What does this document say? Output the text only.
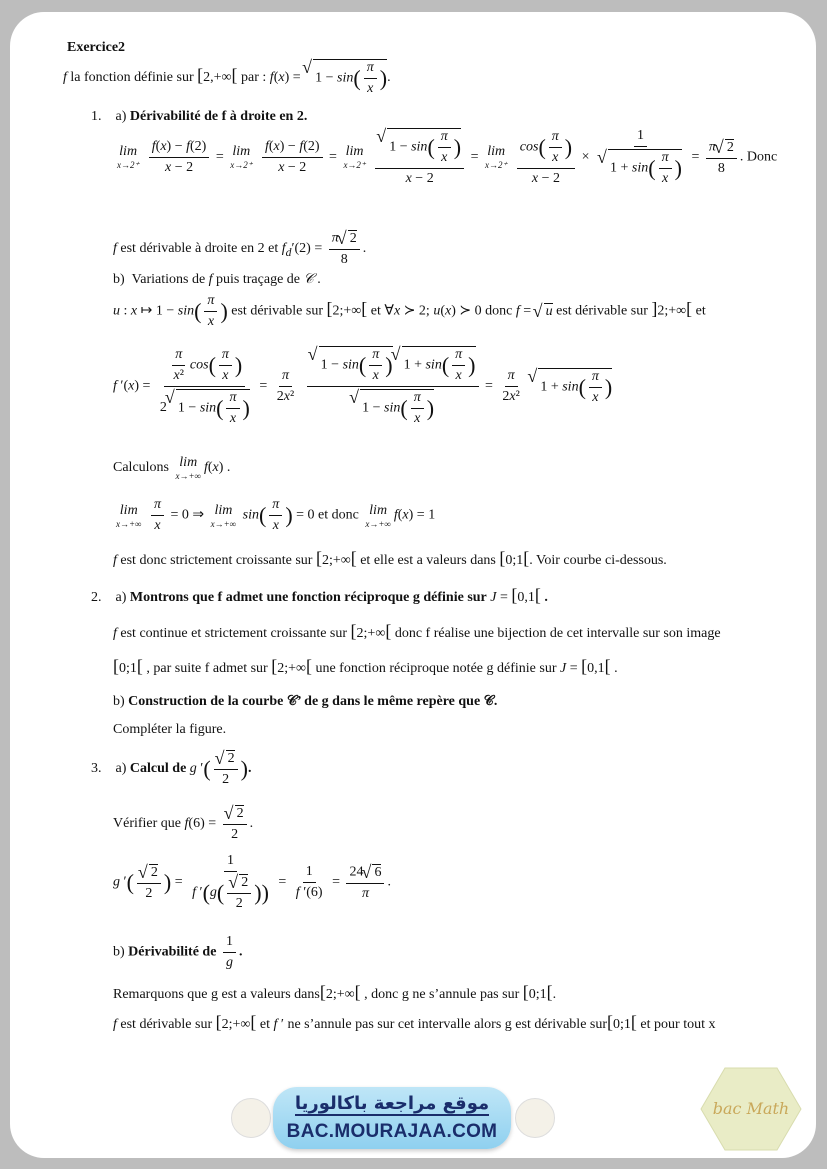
Exercice2
f la fonction définie sur [2,+∞[ par : f(x) = √ $1 - \sin( \frac{\pi}{x}$ ).
1. a) Dérivabilité de f à droite en 2.
lim
x→2⁺
$\frac{f(x) - f(2)}{x - 2} = \lim$
x→2⁺
$\frac{f(x) - f(2)}{x - 2} = \lim$
x→2⁺

√ $\frac{1 - \sin( \frac{\pi}{x} )}{x - 2} = \lim$
x→2⁺
$\frac{\cos( \frac{\pi}{x} )}{x - 2} \times 1$
√ $1 + \sin( \frac{\pi}{x}$ ) = $\frac{\pi√ 2}{8}$ . Donc
f est dérivable à droite en 2 et $f_d'(2) = \frac{\pi√ 2}{8}$ .
b) Variations de f puis traçage de 𝒞 .
u : x ↦ $1 - \sin( \frac{\pi}{x}$ ) est dérivable sur [2;+∞[ et ∀x ≻ 2; u(x) ≻ 0 donc f = √ u est dérivable sur ]2;+∞[ et
f $'(x) = \frac{\frac{\pi}{\text{x²}} \cos( \frac{\pi}{x} )}{2√ 1 - \sin( \frac{\pi}{x} )} = \frac{\pi}{\text{2x²}}$

√ $1 - \sin( \frac{\pi}{x}$ )√ $1 + \sin( \frac{\pi}{x}$ )
√ $1 - \sin( \frac{\pi}{x}$ ) = $\frac{\pi}{\text{2x²}}$
√ $1 + \sin( \frac{\pi}{x}$ )
Calculons lim
x→+∞
f(x) .
lim
x→+∞
$\frac{\pi}{x} = 0$ ⇒ lim
x→+∞
$\sin( \frac{\pi}{x}$ ) = 0 et donc lim
x→+∞
f(x) = 1
f est donc strictement croissante sur [2;+∞[ et elle est a valeurs dans [0;1[. Voir courbe ci-dessous.
2. a) Montrons que f admet une fonction réciproque g définie sur J = [0,1[ .
f est continue et strictement croissante sur [2;+∞[ donc f réalise une bijection de cet intervalle sur son image
[0;1[ , par suite f admet sur [2;+∞[ une fonction réciproque notée g définie sur J = [0,1[ .
b) Construction de la courbe 𝒞’ de g dans le même repère que 𝒞.
Compléter la figure.
3. a) Calcul de g ′(
√ $\frac{2}{2}$ ).
Vérifier que f(6) =
√ $\frac{2}{2}$ .
g ′(
√ $\frac{2}{2}$ ) = 1
f ′(g(
√ $\frac{2}{2}$ )) = $\frac{1}{f '(6)} = \frac{24√ 6}{\pi}$ .
b) Dérivabilité de $\frac{1}{g}$ .
Remarquons que g est a valeurs dans[2;+∞[ , donc g ne s’annule pas sur [0;1[.
f est dérivable sur [2;+∞[ et f ′ ne s’annule pas sur cet intervalle alors g est dérivable sur[0;1[ et pour tout x
موقع مراجعة باكالوريا
BAC.MOURAJAA.COM
bac Math
